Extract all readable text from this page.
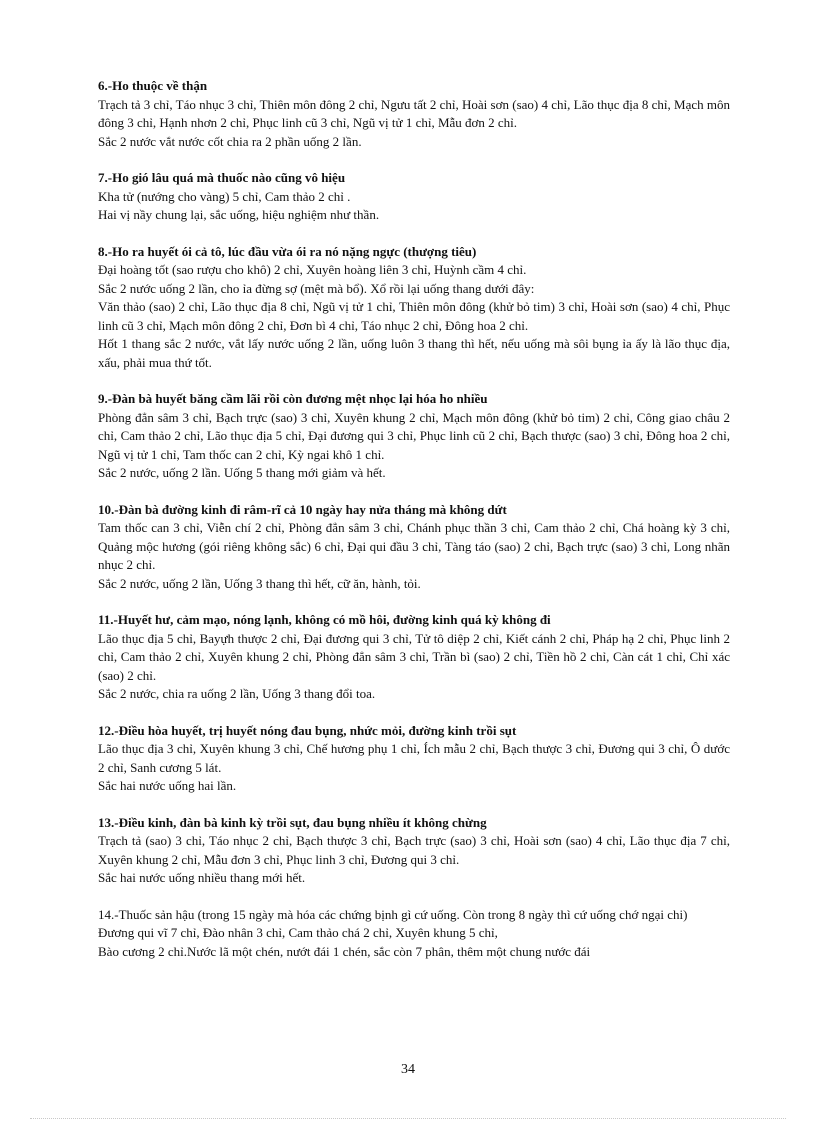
6.-Ho thuộc về thận
Trạch tả 3 chỉ, Táo nhục 3 chỉ, Thiên môn đông 2 chỉ, Ngưu tất 2 chỉ, Hoài sơn (sao) 4 chỉ, Lão thục địa 8 chỉ, Mạch môn đông 3 chỉ, Hạnh nhơn 2 chỉ, Phục linh cũ 3 chỉ, Ngũ vị tử 1 chỉ, Mẫu đơn 2 chỉ.
Sắc 2 nước vắt nước cốt chia ra 2 phần uống 2 lần.
7.-Ho gió lâu quá mà thuốc nào cũng vô hiệu
Kha tử (nướng cho vàng) 5 chỉ, Cam thảo 2 chỉ .
Hai vị nầy chung lại, sắc uống, hiệu nghiệm như thần.
8.-Ho ra huyết ói cả tô, lúc đầu vừa ói ra nó nặng ngực (thượng tiêu)
Đại hoàng tốt (sao rượu cho khô) 2 chỉ, Xuyên hoàng liên 3 chỉ, Huỳnh cầm 4 chỉ.
Sắc 2 nước uống 2 lần, cho ỉa đừng sợ (mệt mà bổ). Xổ rồi lại uống thang dưới đây:
Văn thảo (sao) 2 chỉ, Lão thục địa 8 chỉ, Ngũ vị tử 1 chỉ, Thiên môn đông (khử bỏ tim) 3 chỉ, Hoài sơn (sao) 4 chỉ, Phục linh cũ 3 chỉ, Mạch môn đông 2 chỉ, Đơn bì 4 chỉ, Táo nhục 2 chỉ, Đông hoa 2 chỉ.
Hốt 1 thang sắc 2 nước, vắt lấy nước uống 2 lần, uống luôn 3 thang thì hết, nếu uống mà sôi bụng ỉa ấy là lão thục địa, xấu, phải mua thứ tốt.
9.-Đàn bà huyết băng cầm lãi rồi còn đương mệt nhọc lại hóa ho nhiều
Phòng đẳn sâm 3 chỉ, Bạch trực (sao) 3 chỉ, Xuyên khung 2 chỉ, Mạch môn đông (khử bỏ tim) 2 chỉ, Công giao châu 2 chỉ, Cam thảo 2 chỉ, Lão thục địa 5 chỉ, Đại đương qui 3 chỉ, Phục linh cũ 2 chỉ, Bạch thược (sao) 3 chỉ, Đông hoa 2 chỉ, Ngũ vị tử 1 chỉ, Tam thốc can 2 chỉ, Kỳ ngai khô 1 chỉ.
Sắc 2 nước, uống 2 lần. Uống 5 thang mới giảm và hết.
10.-Đàn bà đường kinh đi râm-rĩ cả 10 ngày hay nửa tháng mà không dứt
Tam thốc can 3 chỉ, Viễn chí 2 chỉ, Phòng đẳn sâm 3 chỉ, Chánh phục thần 3 chỉ, Cam thảo 2 chỉ, Chá hoàng kỳ 3 chỉ, Quảng mộc hương (gói riêng không sắc) 6 chỉ, Đại qui đầu 3 chỉ, Tàng táo (sao) 2 chỉ, Bạch trực (sao) 3 chỉ, Long nhãn nhục 2 chỉ.
Sắc 2 nước, uống 2 lần, Uống 3 thang thì hết, cữ ăn, hành, tỏi.
11.-Huyết hư, cảm mạo, nóng lạnh, không có mồ hôi, đường kinh quá kỳ không đi
Lão thục địa 5 chỉ, Bayựh thược 2 chỉ, Đại đương qui 3 chỉ, Tử tô diệp 2 chỉ, Kiết cánh 2 chỉ, Pháp hạ 2 chỉ, Phục linh 2 chỉ, Cam thảo 2 chỉ, Xuyên khung 2 chỉ, Phòng đẳn sâm 3 chỉ, Trần bì (sao) 2 chỉ, Tiền hồ 2 chỉ, Càn cát 1 chỉ, Chỉ xác (sao) 2 chỉ.
Sắc 2 nước, chia ra uống 2 lần, Uống 3 thang đổi toa.
12.-Điều hòa huyết, trị huyết nóng đau bụng, nhức mỏi, đường kinh trồi sụt
Lão thục địa 3 chỉ, Xuyên khung 3 chỉ, Chế hương phụ 1 chỉ, Ích mẫu 2 chỉ, Bạch thược 3 chỉ, Đương qui 3 chỉ, Ô dước 2 chỉ, Sanh cương 5 lát.
Sắc hai nước uống hai lần.
13.-Điều kinh, đàn bà kinh kỳ trồi sụt, đau bụng nhiều ít không chừng
Trạch tả (sao) 3 chỉ, Táo nhục 2 chỉ, Bạch thược 3 chỉ, Bạch trực (sao) 3 chỉ, Hoài sơn (sao) 4 chỉ, Lão thục địa 7 chỉ, Xuyên khung 2 chỉ, Mẫu đơn 3 chỉ, Phục linh 3 chỉ, Đương qui 3 chỉ.
Sắc hai nước uống nhiều thang mới hết.
14.-Thuốc sản hậu (trong 15 ngày mà hóa các chứng bịnh gì cứ uống. Còn trong 8 ngày thì cứ uống chớ ngại chi)
Đương qui vĩ 7 chỉ, Đào nhân 3 chỉ, Cam thảo chá 2 chỉ, Xuyên khung 5 chỉ,
Bào cương 2 chỉ.Nước lã một chén, nướt đái 1 chén, sắc còn 7 phân, thêm một chung nước đái
34
